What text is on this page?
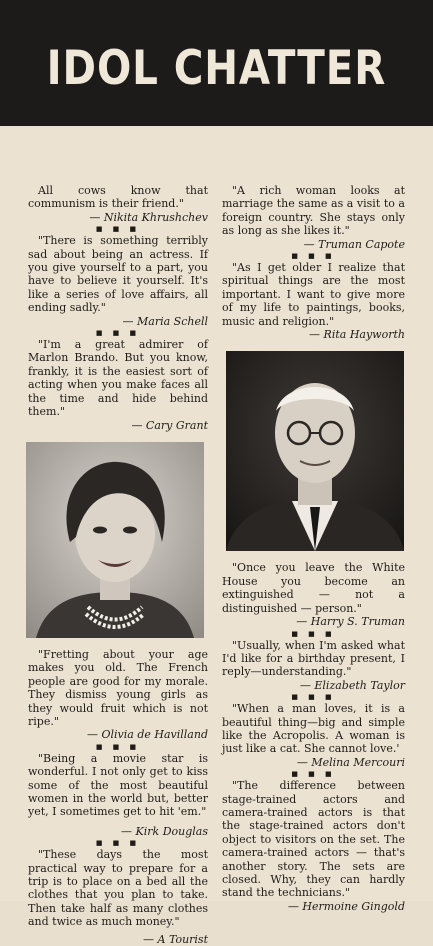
IDOL CHATTER

All cows know that communism is their friend."

— Nikita Khrushchev

■ ■ ■

"There is something terribly sad about being an actress. If you give yourself to a part, you have to believe it yourself. It's like a series of love affairs, all ending sadly."

— Maria Schell

■ ■ ■

"I'm a great admirer of Marlon Brando. But you know, frankly, it is the easiest sort of acting when you make faces all the time and hide behind them."

— Cary Grant

"Fretting about your age makes you old. The French people are good for my morale. They dismiss young girls as they would fruit which is not ripe."

— Olivia de Havilland

■ ■ ■

"Being a movie star is wonderful. I not only get to kiss some of the most beautiful women in the world but, better yet, I sometimes get to hit 'em."

— Kirk Douglas

■ ■ ■

"These days the most practical way to prepare for a trip is to place on a bed all the clothes that you plan to take. Then take half as many clothes and twice as much money."

— A Tourist

"A rich woman looks at marriage the same as a visit to a foreign country. She stays only as long as she likes it."

— Truman Capote

■ ■ ■

"As I get older I realize that spiritual things are the most important. I want to give more of my life to paintings, books, music and religion."

— Rita Hayworth

"Once you leave the White House you become an extinguished — not a distinguished — person."

— Harry S. Truman

■ ■ ■

"Usually, when I'm asked what I'd like for a birthday present, I reply—understanding."

— Elizabeth Taylor

■ ■ ■

"When a man loves, it is a beautiful thing—big and simple like the Acropolis. A woman is just like a cat. She cannot love.'

— Melina Mercouri

■ ■ ■

"The difference between stage-trained actors and camera-trained actors is that the stage-trained actors don't object to visitors on the set. The camera-trained actors — that's another story. The sets are closed. Why, they can hardly stand the technicians."

— Hermoine Gingold
